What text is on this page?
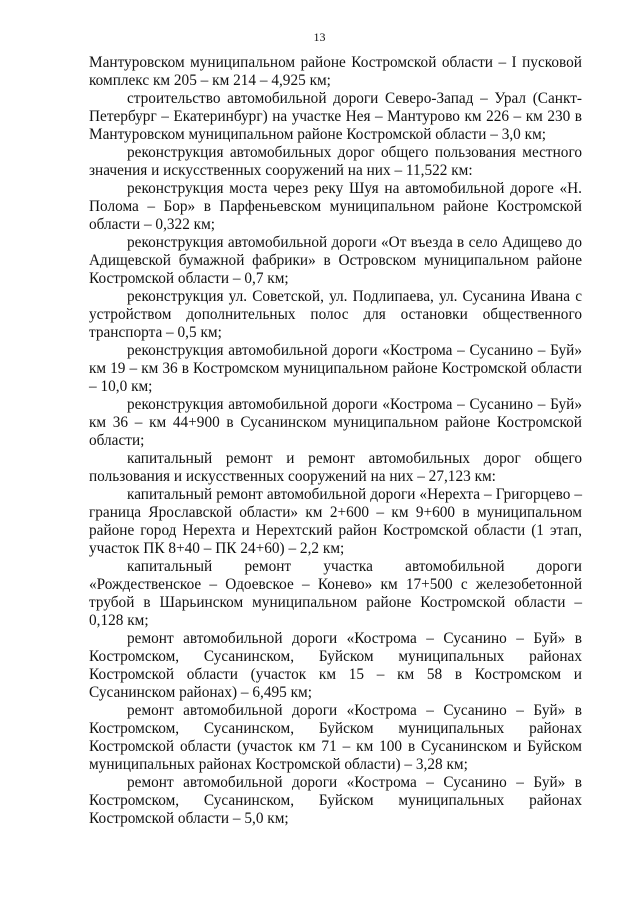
13

Мантуровском муниципальном районе Костромской области – I пусковой комплекс км 205 – км 214 – 4,925 км;

строительство автомобильной дороги Северо-Запад – Урал (Санкт-Петербург – Екатеринбург) на участке Нея – Мантурово км 226 – км 230 в Мантуровском муниципальном районе Костромской области – 3,0 км;

реконструкция автомобильных дорог общего пользования местного значения и искусственных сооружений на них – 11,522 км:

реконструкция моста через реку Шуя на автомобильной дороге «Н. Полома – Бор» в Парфеньевском муниципальном районе Костромской области – 0,322 км;

реконструкция автомобильной дороги «От въезда в село Адищево до Адищевской бумажной фабрики» в Островском муниципальном районе Костромской области – 0,7 км;

реконструкция ул. Советской, ул. Подлипаева, ул. Сусанина Ивана с устройством дополнительных полос для остановки общественного транспорта – 0,5 км;

реконструкция автомобильной дороги «Кострома – Сусанино – Буй» км 19 – км 36 в Костромском муниципальном районе Костромской области – 10,0 км;

реконструкция автомобильной дороги «Кострома – Сусанино – Буй» км 36 – км 44+900 в Сусанинском муниципальном районе Костромской области;

капитальный ремонт и ремонт автомобильных дорог общего пользования и искусственных сооружений на них – 27,123 км:

капитальный ремонт автомобильной дороги «Нерехта – Григорцево – граница Ярославской области» км 2+600 – км 9+600 в муниципальном районе город Нерехта и Нерехтский район Костромской области (1 этап, участок ПК 8+40 – ПК 24+60) – 2,2 км;

капитальный ремонт участка автомобильной дороги «Рождественское – Одоевское – Конево» км 17+500 с железобетонной трубой в Шарьинском муниципальном районе Костромской области – 0,128 км;

ремонт автомобильной дороги «Кострома – Сусанино – Буй» в Костромском, Сусанинском, Буйском муниципальных районах Костромской области (участок км 15 – км 58 в Костромском и Сусанинском районах) – 6,495 км;

ремонт автомобильной дороги «Кострома – Сусанино – Буй» в Костромском, Сусанинском, Буйском муниципальных районах Костромской области (участок км 71 – км 100 в Сусанинском и Буйском муниципальных районах Костромской области) – 3,28 км;

ремонт автомобильной дороги «Кострома – Сусанино – Буй» в Костромском, Сусанинском, Буйском муниципальных районах Костромской области – 5,0 км;
